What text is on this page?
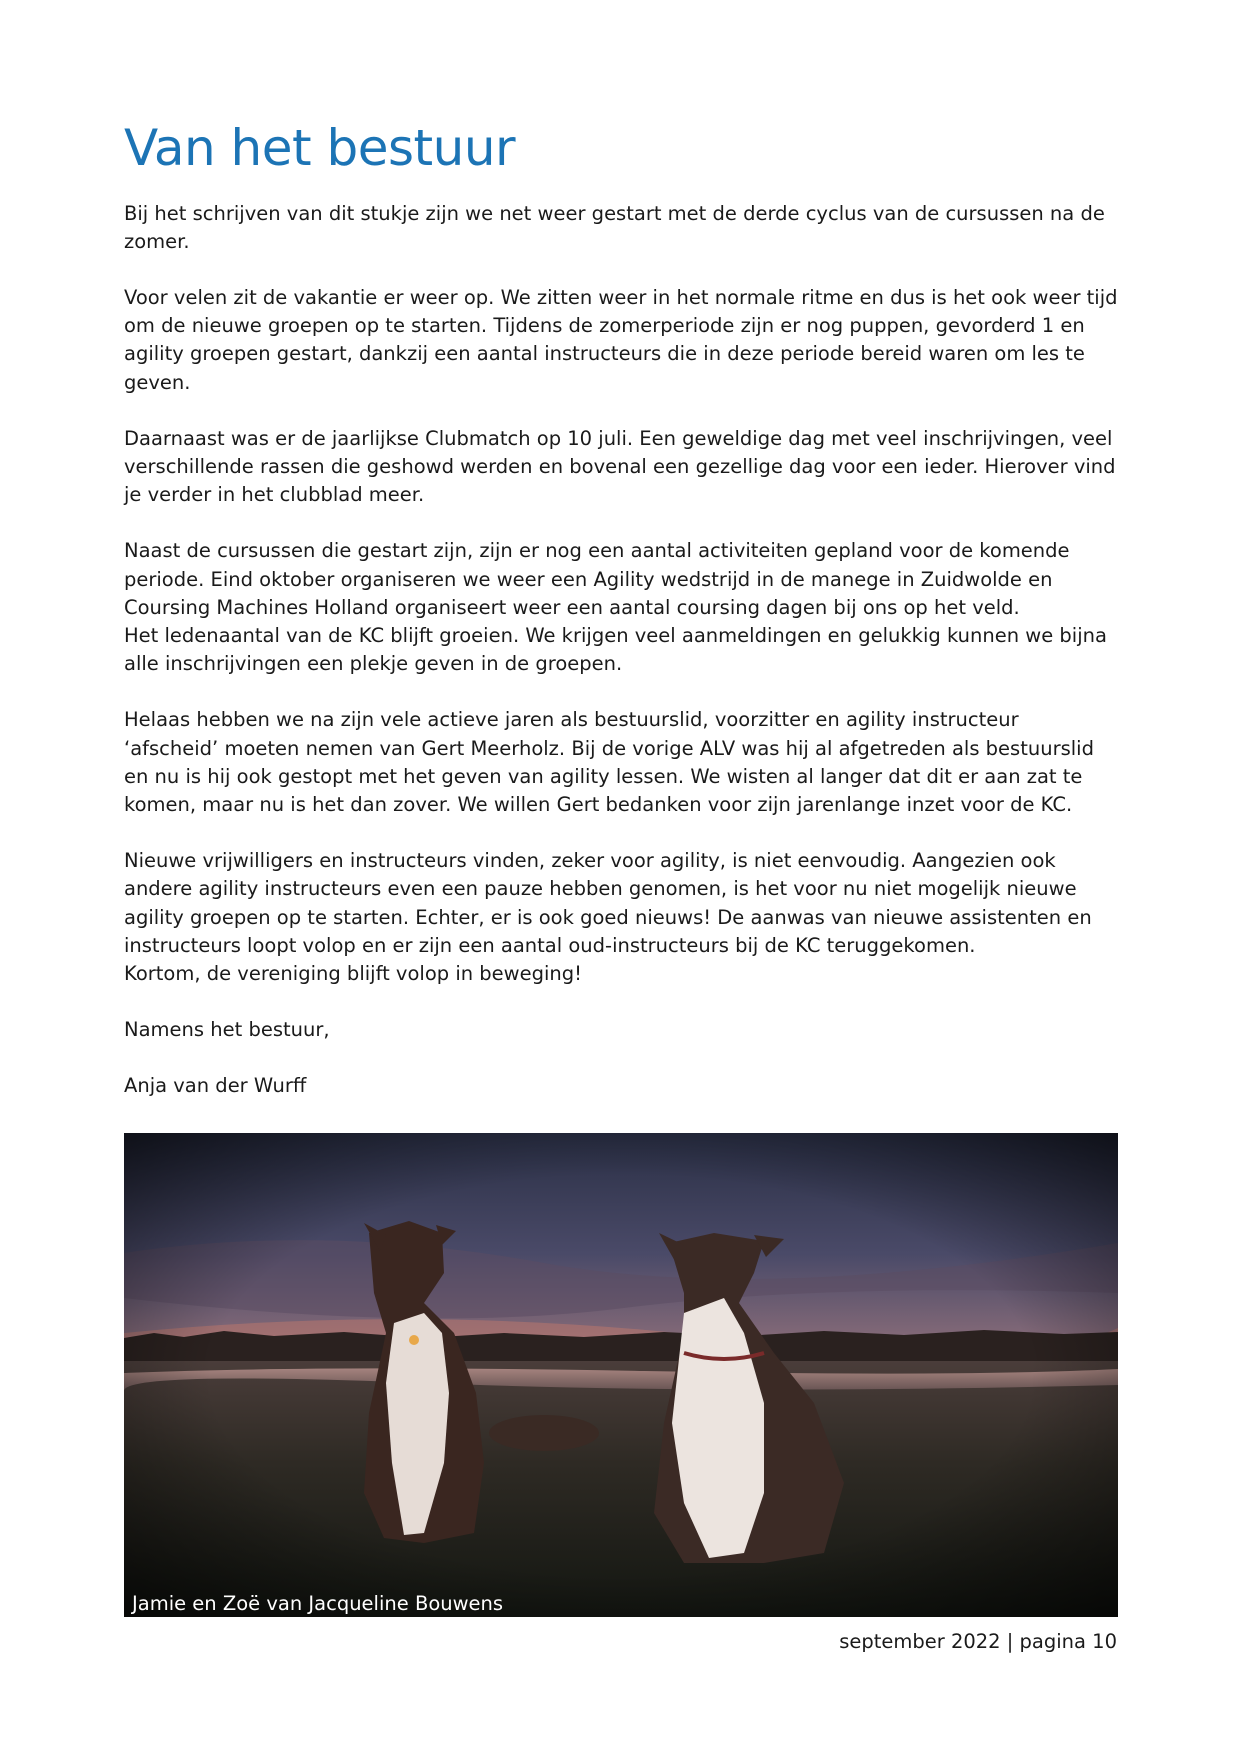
Van het bestuur

Bij het schrijven van dit stukje zijn we net weer gestart met de derde cyclus van de cursussen na de zomer.

Voor velen zit de vakantie er weer op. We zitten weer in het normale ritme en dus is het ook weer tijd om de nieuwe groepen op te starten. Tijdens de zomerperiode zijn er nog puppen, gevorderd 1 en agility groepen gestart, dankzij een aantal instructeurs die in deze periode bereid waren om les te geven.

Daarnaast was er de jaarlijkse Clubmatch op 10 juli. Een geweldige dag met veel inschrijvingen, veel verschillende rassen die geshowd werden en bovenal een gezellige dag voor een ieder. Hierover vind je verder in het clubblad meer.

Naast de cursussen die gestart zijn, zijn er nog een aantal activiteiten gepland voor de komende periode. Eind oktober organiseren we weer een Agility wedstrijd in de manege in Zuidwolde en Coursing Machines Holland organiseert weer een aantal coursing dagen bij ons op het veld.
Het ledenaantal van de KC blijft groeien. We krijgen veel aanmeldingen en gelukkig kunnen we bijna alle inschrijvingen een plekje geven in de groepen.

Helaas hebben we na zijn vele actieve jaren als bestuurslid, voorzitter en agility instructeur ‘afscheid’ moeten nemen van Gert Meerholz. Bij de vorige ALV was hij al afgetreden als bestuurslid en nu is hij ook gestopt met het geven van agility lessen. We wisten al langer dat dit er aan zat te komen, maar nu is het dan zover. We willen Gert bedanken voor zijn jarenlange inzet voor de KC.

Nieuwe vrijwilligers en instructeurs vinden, zeker voor agility, is niet eenvoudig. Aangezien ook andere agility instructeurs even een pauze hebben genomen, is het voor nu niet mogelijk nieuwe agility groepen op te starten. Echter, er is ook goed nieuws! De aanwas van nieuwe assistenten en instructeurs loopt volop en er zijn een aantal oud-instructeurs bij de KC teruggekomen.
Kortom, de vereniging blijft volop in beweging!

Namens het bestuur,

Anja van der Wurff

Jamie en Zoë van Jacqueline Bouwens
september 2022 | pagina 10
